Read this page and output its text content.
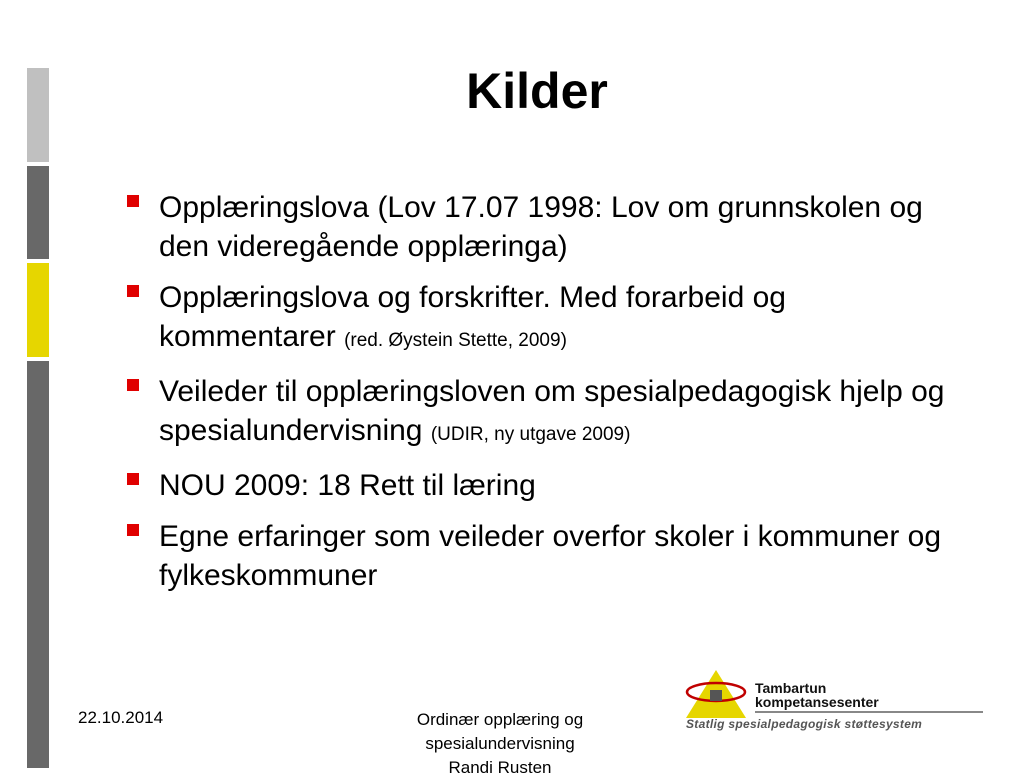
Kilder
Opplæringslova (Lov 17.07 1998: Lov om grunnskolen og den videregående opplæringa)
Opplæringslova og forskrifter. Med forarbeid og kommentarer (red. Øystein Stette, 2009)
Veileder til opplæringsloven om spesialpedagogisk hjelp og spesialundervisning (UDIR, ny utgave 2009)
NOU 2009: 18 Rett til læring
Egne erfaringer som veileder overfor skoler i kommuner og fylkeskommuner
22.10.2014	Ordinær opplæring og
spesialundervisning
Randi Rusten
Tambartun
kompetansesenter
Statlig spesialpedagogisk støttesystem
